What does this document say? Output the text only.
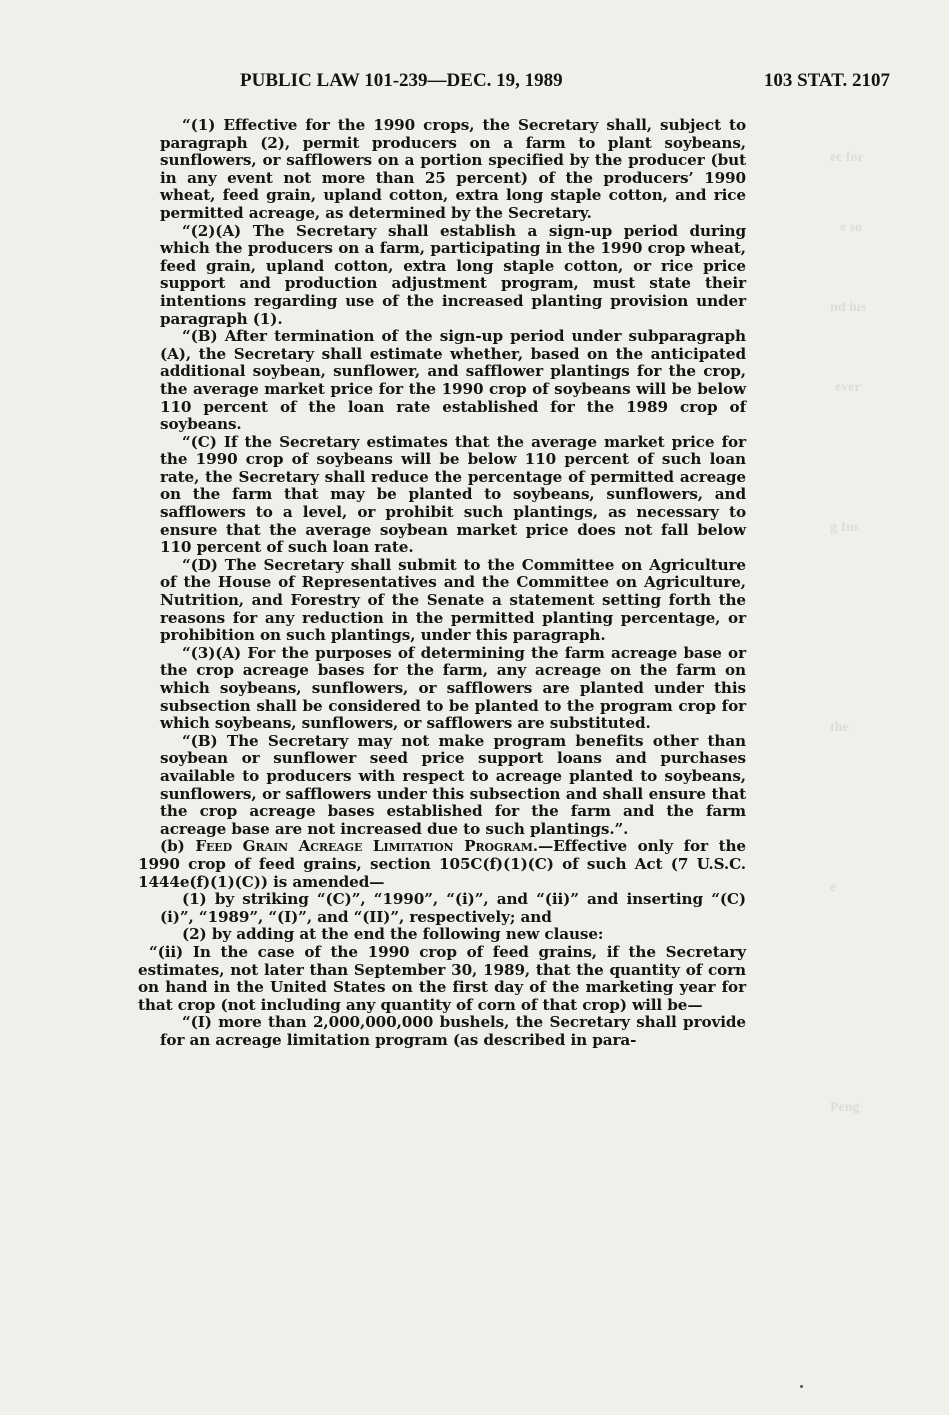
ec for
e so
nd ius
ever
g Ins
the
e
Peng
PUBLIC LAW 101-239—DEC. 19, 1989	103 STAT. 2107

“(1) Effective for the 1990 crops, the Secretary shall, subject to paragraph (2), permit producers on a farm to plant soybeans, sunflowers, or safflowers on a portion specified by the producer (but in any event not more than 25 percent) of the producers’ 1990 wheat, feed grain, upland cotton, extra long staple cotton, and rice permitted acreage, as determined by the Secretary.

“(2)(A) The Secretary shall establish a sign-up period during which the producers on a farm, participating in the 1990 crop wheat, feed grain, upland cotton, extra long staple cotton, or rice price support and production adjustment program, must state their intentions regarding use of the increased planting provision under paragraph (1).

“(B) After termination of the sign-up period under subparagraph (A), the Secretary shall estimate whether, based on the anticipated additional soybean, sunflower, and safflower plantings for the crop, the average market price for the 1990 crop of soybeans will be below 110 percent of the loan rate established for the 1989 crop of soybeans.

“(C) If the Secretary estimates that the average market price for the 1990 crop of soybeans will be below 110 percent of such loan rate, the Secretary shall reduce the percentage of permitted acreage on the farm that may be planted to soybeans, sunflowers, and safflowers to a level, or prohibit such plantings, as necessary to ensure that the average soybean market price does not fall below 110 percent of such loan rate.

“(D) The Secretary shall submit to the Committee on Agriculture of the House of Representatives and the Committee on Agriculture, Nutrition, and Forestry of the Senate a statement setting forth the reasons for any reduction in the permitted planting percentage, or prohibition on such plantings, under this paragraph.

“(3)(A) For the purposes of determining the farm acreage base or the crop acreage bases for the farm, any acreage on the farm on which soybeans, sunflowers, or safflowers are planted under this subsection shall be considered to be planted to the program crop for which soybeans, sunflowers, or safflowers are substituted.

“(B) The Secretary may not make program benefits other than soybean or sunflower seed price support loans and purchases available to producers with respect to acreage planted to soybeans, sunflowers, or safflowers under this subsection and shall ensure that the crop acreage bases established for the farm and the farm acreage base are not increased due to such plantings.”.

(b) Feed Grain Acreage Limitation Program.—Effective only for the 1990 crop of feed grains, section 105C(f)(1)(C) of such Act (7 U.S.C. 1444e(f)(1)(C)) is amended—

(1) by striking “(C)”, “1990”, “(i)”, and “(ii)” and inserting “(C)(i)”, “1989”, “(I)”, and “(II)”, respectively; and

(2) by adding at the end the following new clause:

“(ii) In the case of the 1990 crop of feed grains, if the Secretary estimates, not later than September 30, 1989, that the quantity of corn on hand in the United States on the first day of the marketing year for that crop (not including any quantity of corn of that crop) will be—

“(I) more than 2,000,000,000 bushels, the Secretary shall provide for an acreage limitation program (as described in para-
